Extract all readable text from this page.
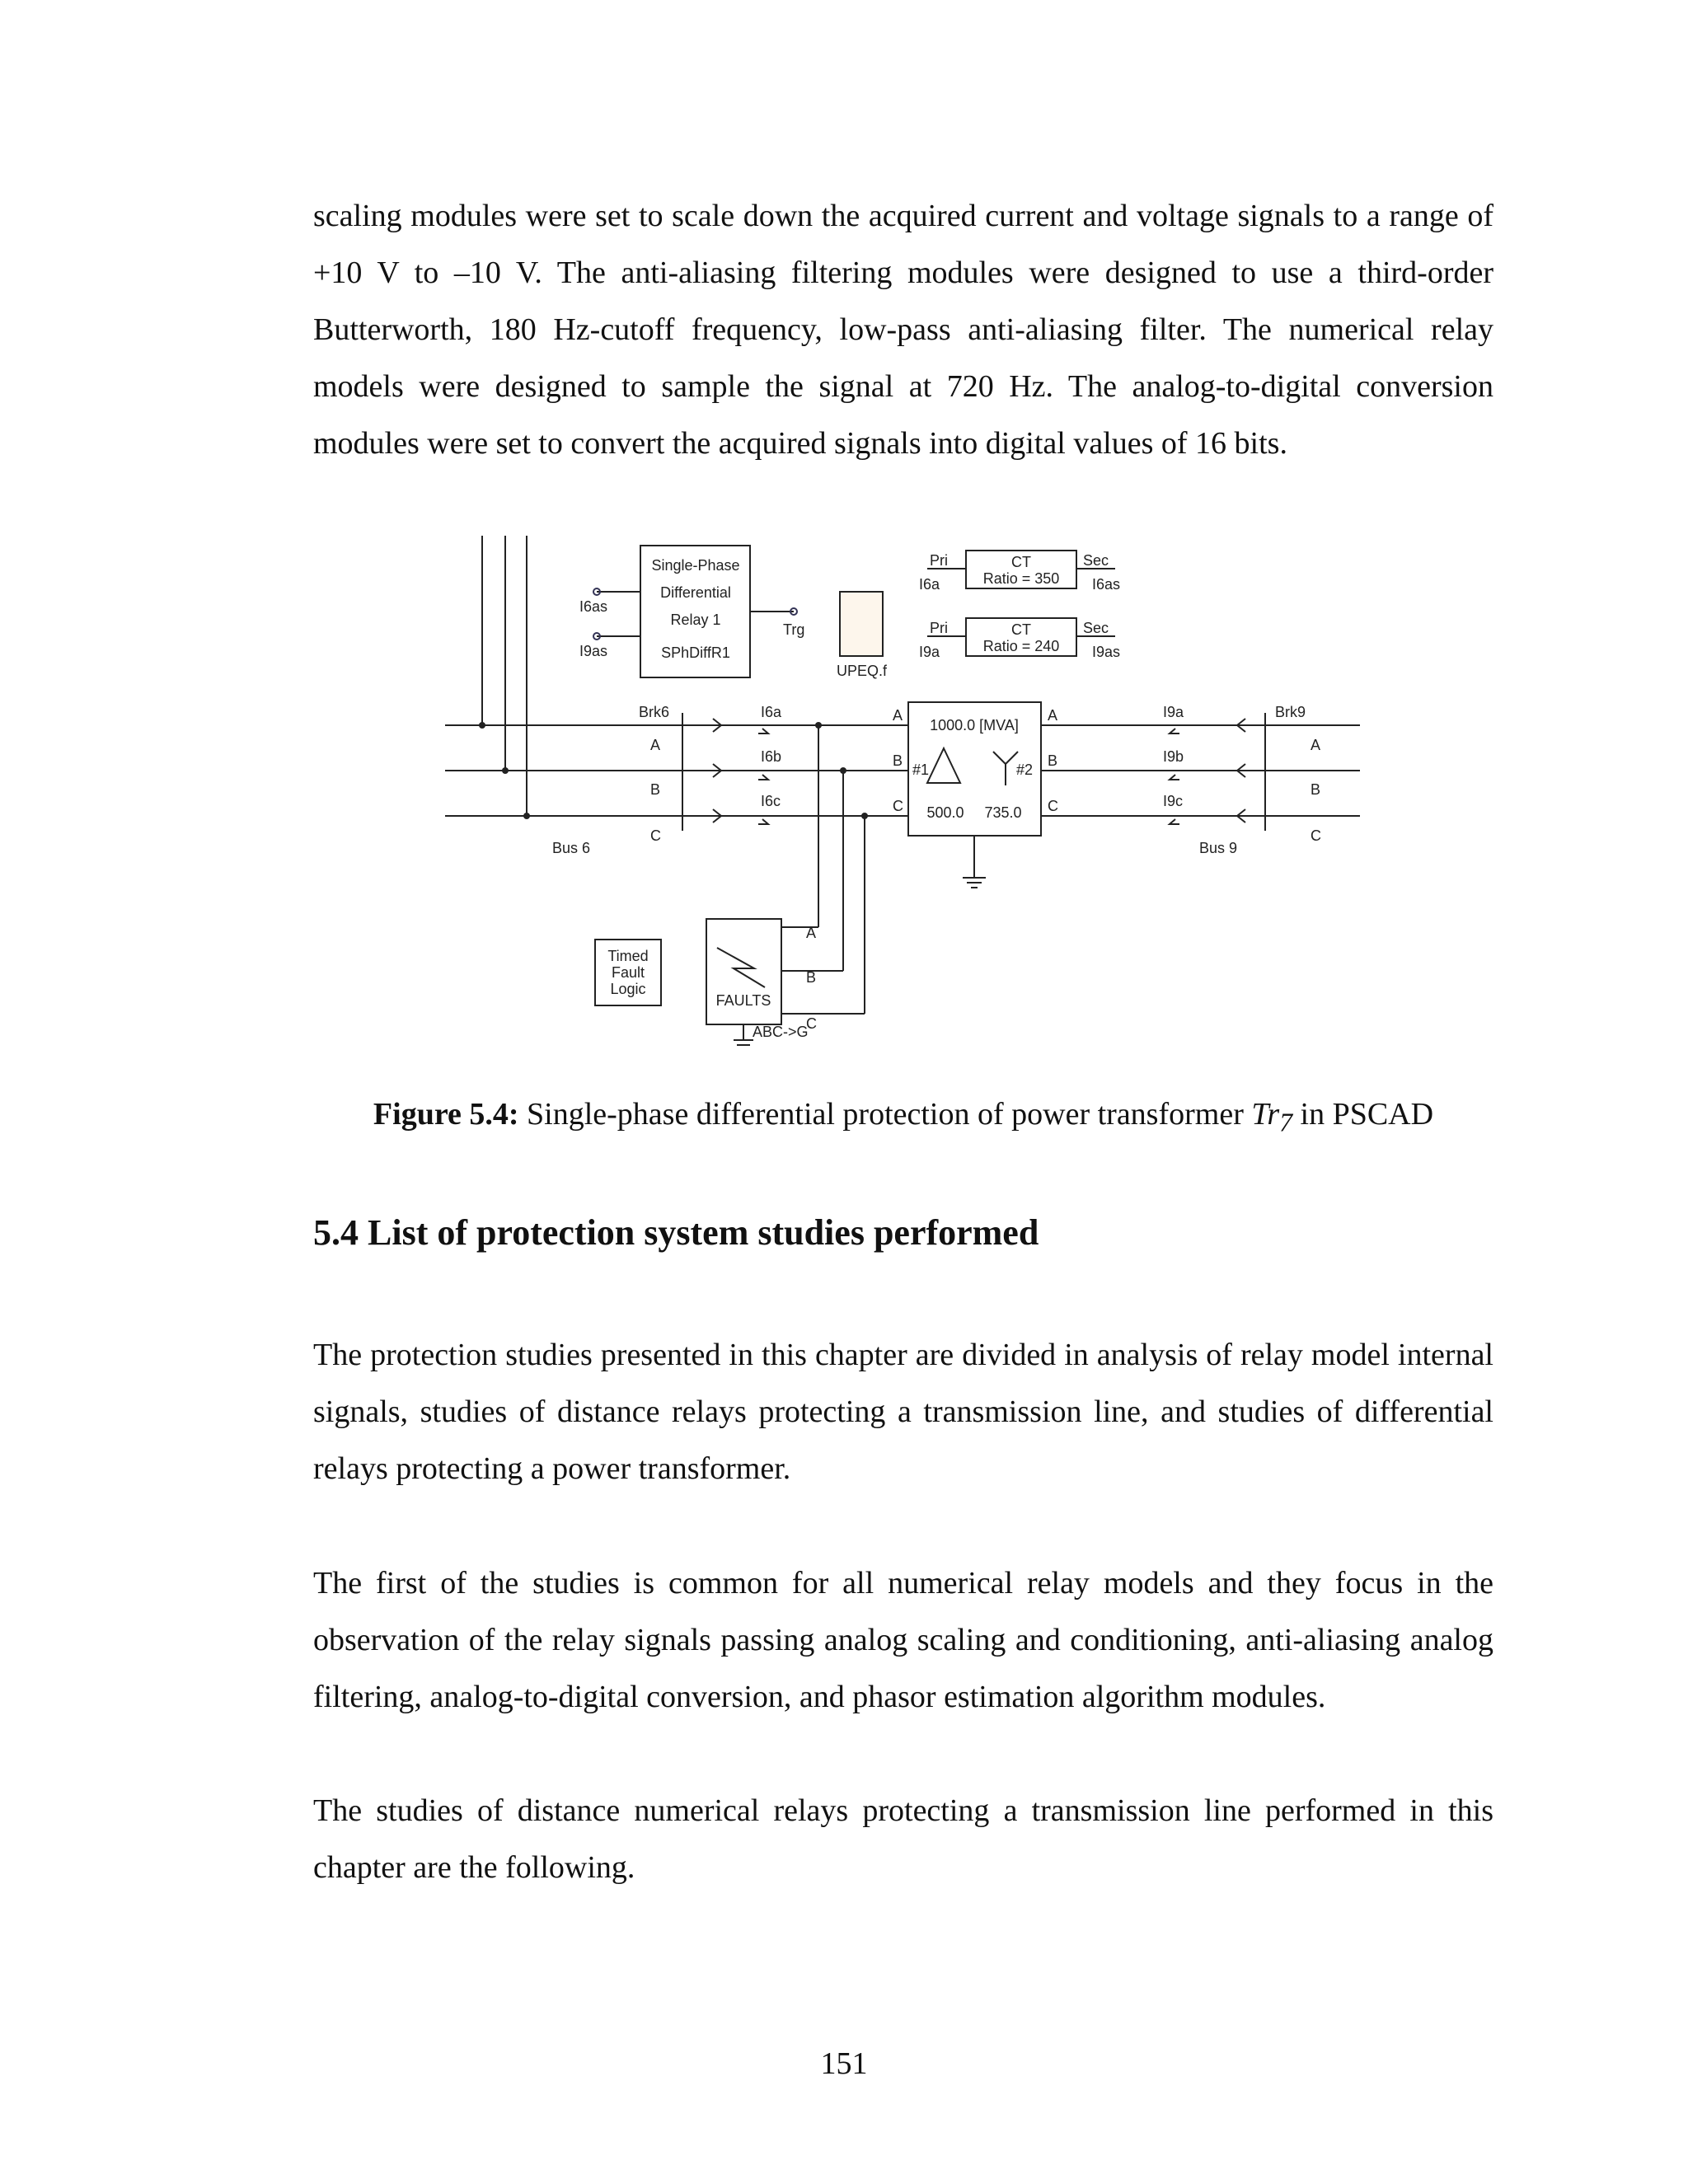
scaling modules were set to scale down the acquired current and voltage signals to a range of +10 V to –10 V. The anti-aliasing filtering modules were designed to use a third-order Butterworth, 180 Hz-cutoff frequency, low-pass anti-aliasing filter. The numerical relay models were designed to sample the signal at 720 Hz. The analog-to-digital conversion modules were set to convert the acquired signals into digital values of 16 bits.

Single-Phase
Differential
Relay 1
SPhDiffR1
I6as
I9as
Trg
UPEQ.f
CT
Ratio = 350
Pri	Sec
I6a	I6as
CT
Ratio = 240
Pri	Sec
I9a	I9as
1000.0 [MVA]
#1	#2
500.0 735.0
A
B
C
A
B
C
Brk6	Brk9
A
B
C
A
B
C
Bus 6	Bus 9
I6a
I6b
I6c
I9a
I9b
I9c
A
B
C
Timed
Fault
Logic
FAULTS
ABC->G

Figure 5.4: Single-phase differential protection of power transformer $Tr_7$ in PSCAD

5.4 List of protection system studies performed

The protection studies presented in this chapter are divided in analysis of relay model internal signals, studies of distance relays protecting a transmission line, and studies of differential relays protecting a power transformer.

The first of the studies is common for all numerical relay models and they focus in the observation of the relay signals passing analog scaling and conditioning, anti-aliasing analog filtering, analog-to-digital conversion, and phasor estimation algorithm modules.

The studies of distance numerical relays protecting a transmission line performed in this chapter are the following.

151
